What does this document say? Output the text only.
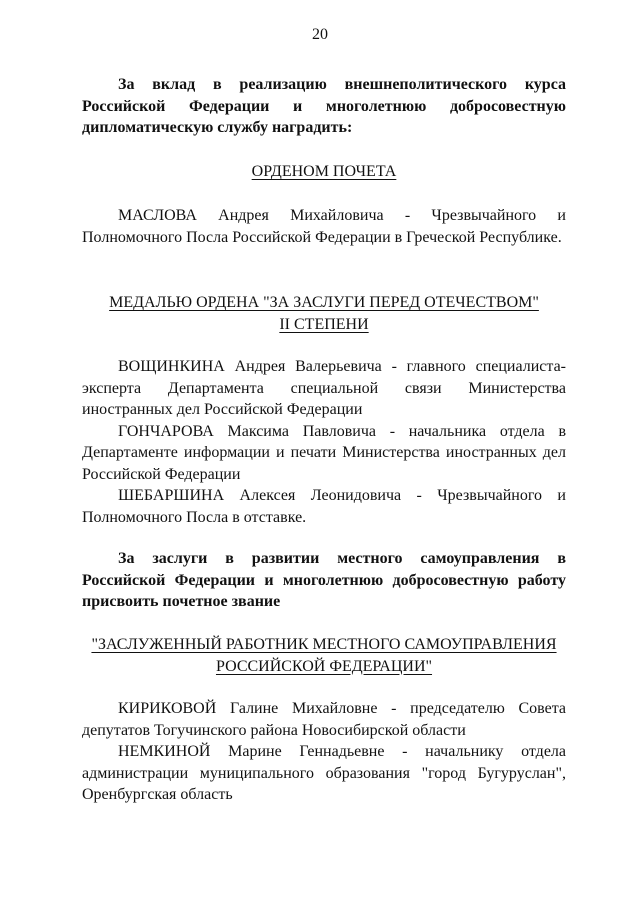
20

За вклад в реализацию внешнеполитического курса Российской Федерации и многолетнюю добросовестную дипломатическую службу наградить:

ОРДЕНОМ ПОЧЕТА

МАСЛОВА Андрея Михайловича - Чрезвычайного и Полномочного Посла Российской Федерации в Греческой Республике.

МЕДАЛЬЮ ОРДЕНА "ЗА ЗАСЛУГИ ПЕРЕД ОТЕЧЕСТВОМ"
II СТЕПЕНИ

ВОЩИНКИНА Андрея Валерьевича - главного специалиста-эксперта Департамента специальной связи Министерства иностранных дел Российской Федерации

ГОНЧАРОВА Максима Павловича - начальника отдела в Департаменте информации и печати Министерства иностранных дел Российской Федерации

ШЕБАРШИНА Алексея Леонидовича - Чрезвычайного и Полномочного Посла в отставке.

За заслуги в развитии местного самоуправления в Российской Федерации и многолетнюю добросовестную работу присвоить почетное звание

"ЗАСЛУЖЕННЫЙ РАБОТНИК МЕСТНОГО САМОУПРАВЛЕНИЯ
РОССИЙСКОЙ ФЕДЕРАЦИИ"

КИРИКОВОЙ Галине Михайловне - председателю Совета депутатов Тогучинского района Новосибирской области

НЕМКИНОЙ Марине Геннадьевне - начальнику отдела администрации муниципального образования "город Бугуруслан", Оренбургская область
